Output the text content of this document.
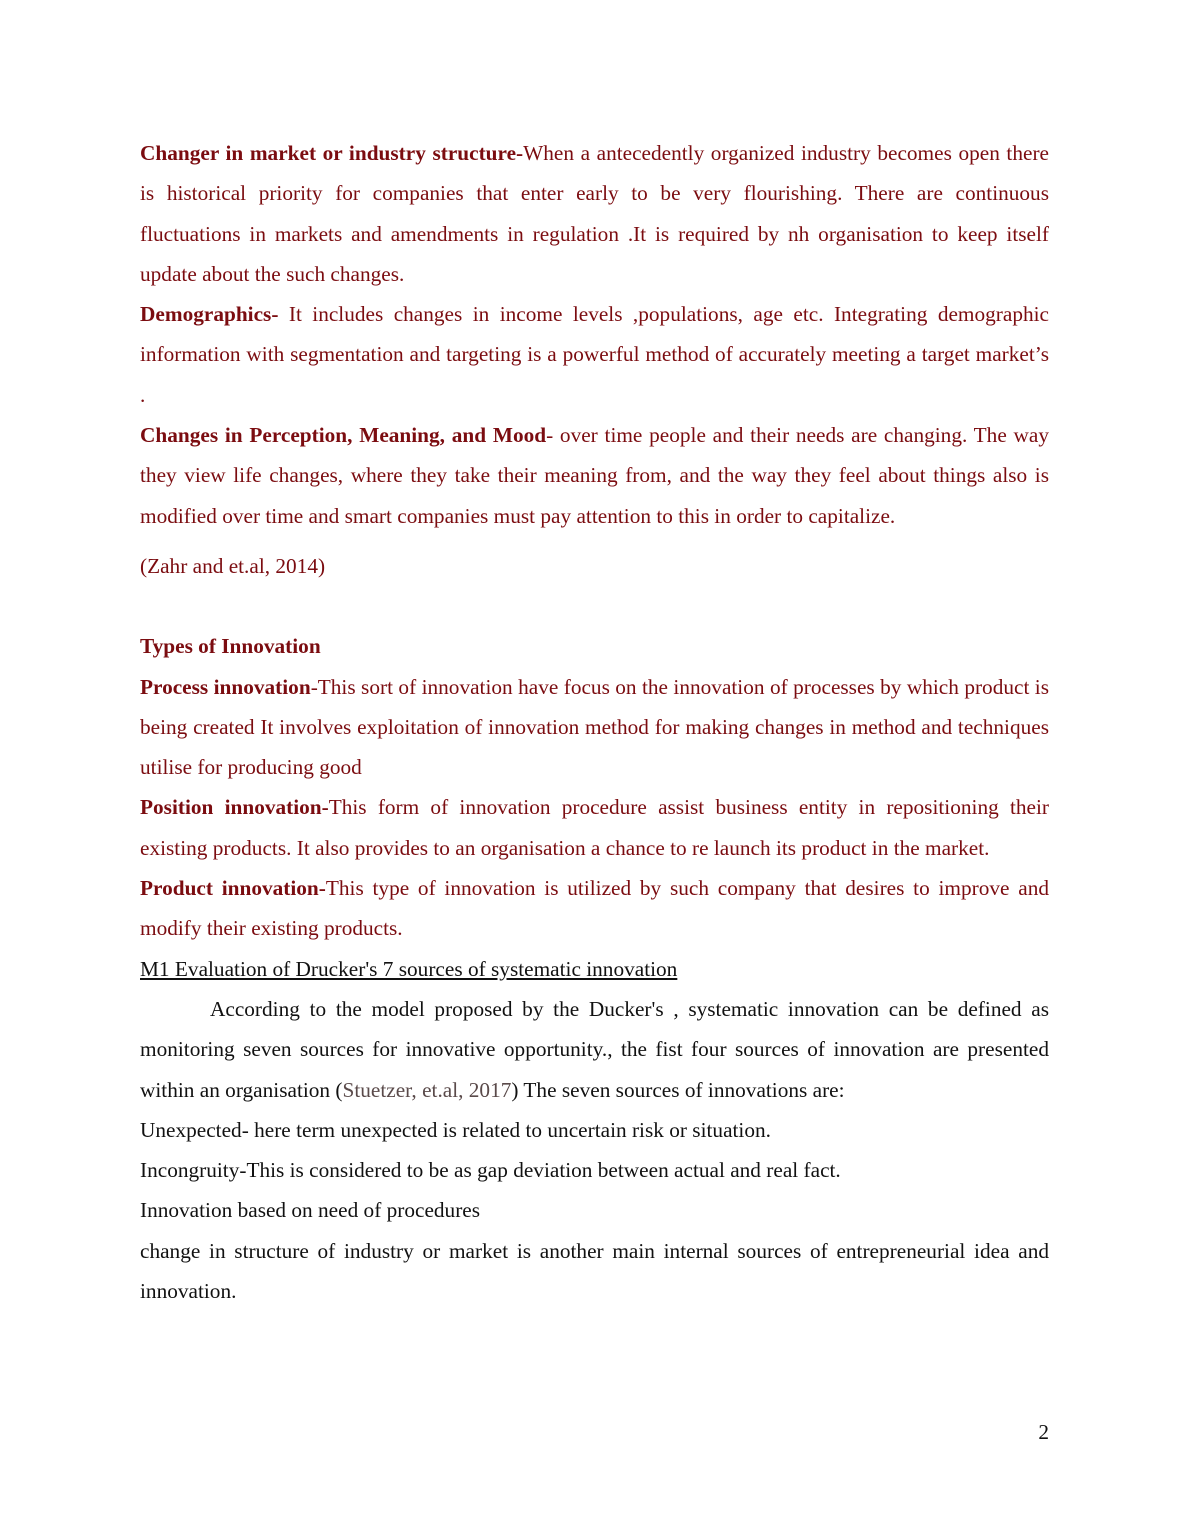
Changer in market or industry structure-When a antecedently organized industry becomes open there is historical priority for companies that enter early to be very flourishing. There are continuous fluctuations in markets and amendments in regulation .It is required by nh organisation to keep itself update about the such changes.

Demographics- It includes changes in income levels ,populations, age etc. Integrating demographic information with segmentation and targeting is a powerful method of accurately meeting a target market’s .

Changes in Perception, Meaning, and Mood- over time people and their needs are changing. The way they view life changes, where they take their meaning from, and the way they feel about things also is modified over time and smart companies must pay attention to this in order to capitalize.

(Zahr and et.al, 2014)

Types of Innovation

Process innovation-This sort of innovation have focus on the innovation of processes by which product is being created It involves exploitation of innovation method for making changes in method and techniques utilise for producing good

Position innovation-This form of innovation procedure assist business entity in repositioning their existing products. It also provides to an organisation a chance to re launch its product in the market.

Product innovation-This type of innovation is utilized by such company that desires to improve and modify their existing products.

M1 Evaluation of Drucker's 7 sources of systematic innovation

According to the model proposed by the Ducker's , systematic innovation can be defined as monitoring seven sources for innovative opportunity., the fist four sources of innovation are presented within an organisation (Stuetzer, et.al, 2017) The seven sources of innovations are:

Unexpected- here term unexpected is related to uncertain risk or situation.

Incongruity-This is considered to be as gap deviation between actual and real fact.

Innovation based on need of procedures

change in structure of industry or market is another main internal sources of entrepreneurial idea and innovation.

2
